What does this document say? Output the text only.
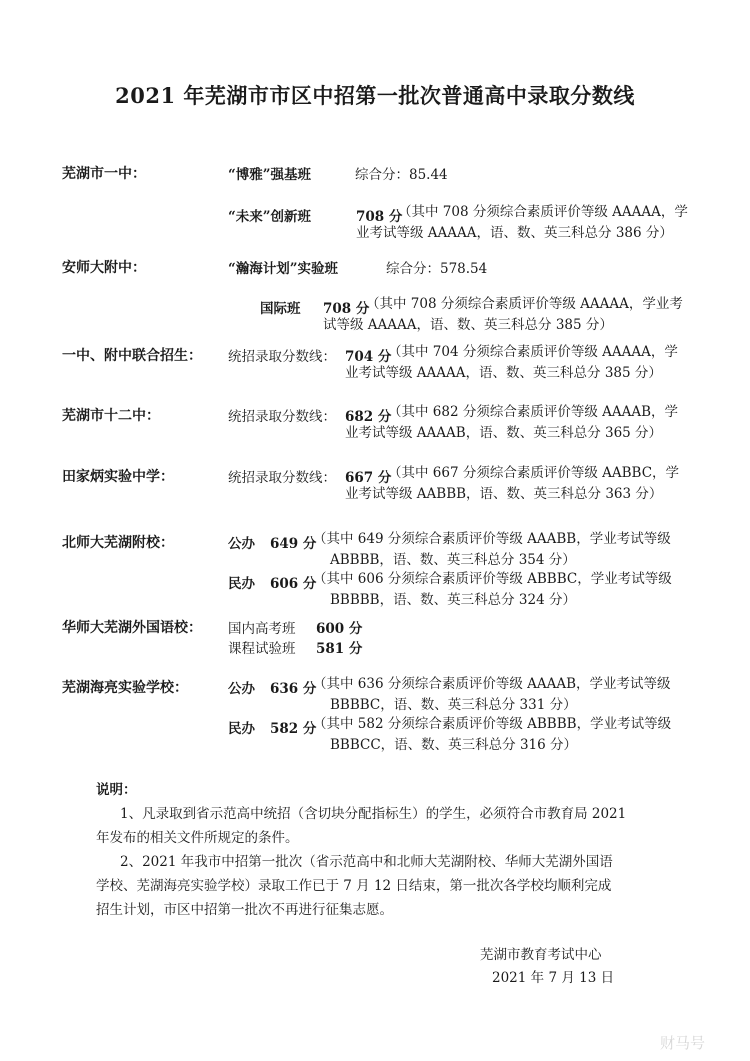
2021 年芜湖市市区中招第一批次普通高中录取分数线
芜湖市一中：	“博雅”强基班	综合分：85.44
“未来”创新班	708 分
（其中 708 分须综合素质评价等级 AAAAA，学
业考试等级 AAAAA，语、数、英三科总分 386 分）
安师大附中：	“瀚海计划”实验班	综合分：578.54
国际班 708 分
（其中 708 分须综合素质评价等级 AAAAA，学业考
试等级 AAAAA，语、数、英三科总分 385 分）
一中、附中联合招生： 统招录取分数线： 704 分
（其中 704 分须综合素质评价等级 AAAAA，学
业考试等级 AAAAA，语、数、英三科总分 385 分）
芜湖市十二中：	统招录取分数线： 682 分
（其中 682 分须综合素质评价等级 AAAAB，学
业考试等级 AAAAB，语、数、英三科总分 365 分）
田家炳实验中学：	统招录取分数线： 667 分
（其中 667 分须综合素质评价等级 AABBC，学
业考试等级 AABBB，语、数、英三科总分 363 分）
北师大芜湖附校：	公办 649 分
（其中 649 分须综合素质评价等级 AAABB，学业考试等级
ABBBB，语、数、英三科总分 354 分）
民办 606 分
（其中 606 分须综合素质评价等级 ABBBC，学业考试等级
BBBBB，语、数、英三科总分 324 分）
华师大芜湖外国语校： 国内高考班 600 分
课程试验班 581 分
芜湖海亮实验学校：	公办 636 分
（其中 636 分须综合素质评价等级 AAAAB，学业考试等级
BBBBC，语、数、英三科总分 331 分）
民办 582 分
（其中 582 分须综合素质评价等级 ABBBB，学业考试等级
BBBCC，语、数、英三科总分 316 分）
说明：
1、凡录取到省示范高中统招（含切块分配指标生）的学生，必须符合市教育局 2021
年发布的相关文件所规定的条件。
2、2021 年我市中招第一批次（省示范高中和北师大芜湖附校、华师大芜湖外国语
学校、芜湖海亮实验学校）录取工作已于 7 月 12 日结束，第一批次各学校均顺利完成
招生计划，市区中招第一批次不再进行征集志愿。
芜湖市教育考试中心
2021 年 7 月 13 日
财马号
